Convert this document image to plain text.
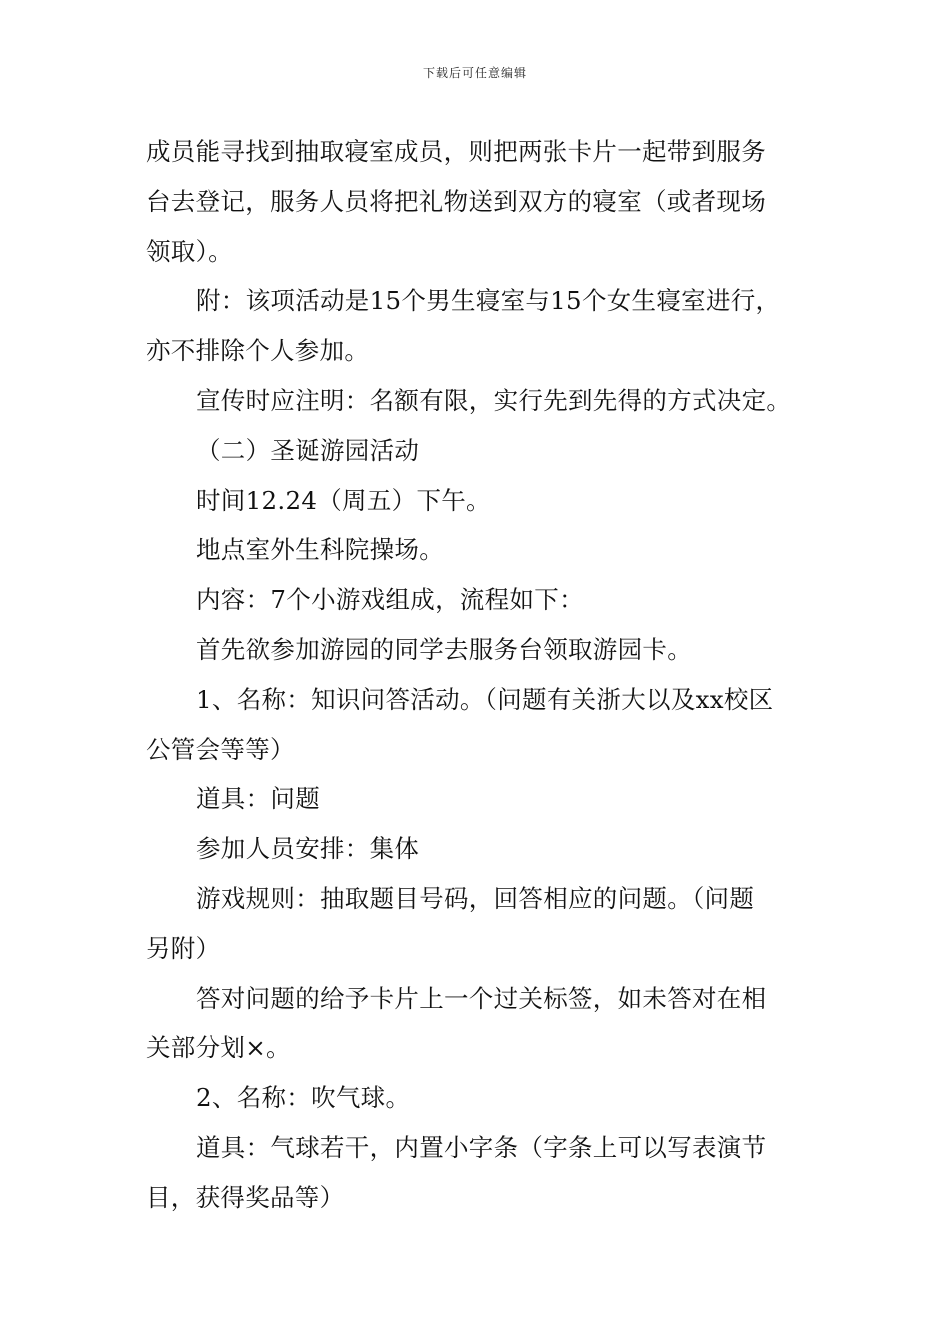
下载后可任意编辑
成员能寻找到抽取寝室成员，则把两张卡片一起带到服务
台去登记，服务人员将把礼物送到双方的寝室（或者现场
领取）。
附：该项活动是15个男生寝室与15个女生寝室进行，
亦不排除个人参加。
宣传时应注明：名额有限，实行先到先得的方式决定。
（二）圣诞游园活动
时间12.24（周五）下午。
地点室外生科院操场。
内容：7个小游戏组成，流程如下：
首先欲参加游园的同学去服务台领取游园卡。
1、名称：知识问答活动。（问题有关浙大以及xx校区
公管会等等）
道具：问题
参加人员安排：集体
游戏规则：抽取题目号码，回答相应的问题。（问题
另附）
答对问题的给予卡片上一个过关标签，如未答对在相
关部分划×。
2、名称：吹气球。
道具：气球若干，内置小字条（字条上可以写表演节
目，获得奖品等）
